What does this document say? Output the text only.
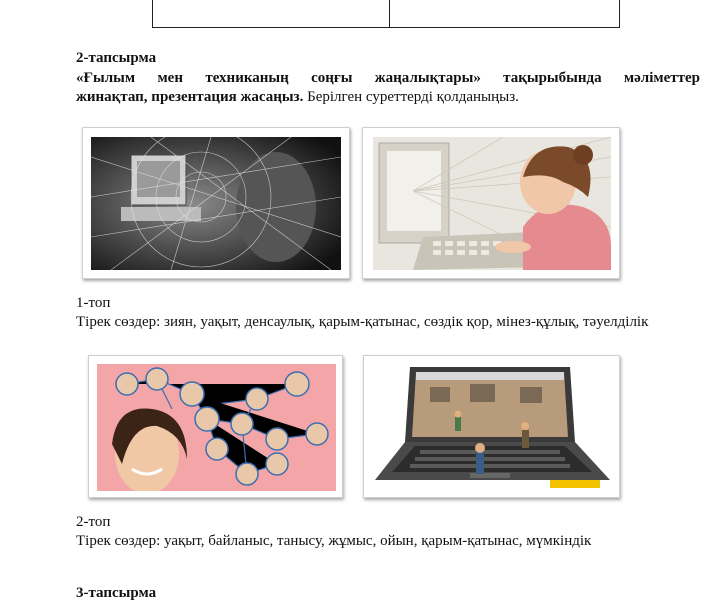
2-тапсырма
«Ғылым мен техниканың соңғы жаңалықтары» тақырыбында мәліметтер
жинақтап, презентация жасаңыз. Берілген суреттерді қолданыңыз.
1-топ
Тірек сөздер: зиян, уақыт, денсаулық, қарым-қатынас, сөздік қор, мінез-құлық, тәуелділік
2-топ
Тірек сөздер: уақыт, байланыс, танысу, жұмыс, ойын, қарым-қатынас, мүмкіндік
3-тапсырма
